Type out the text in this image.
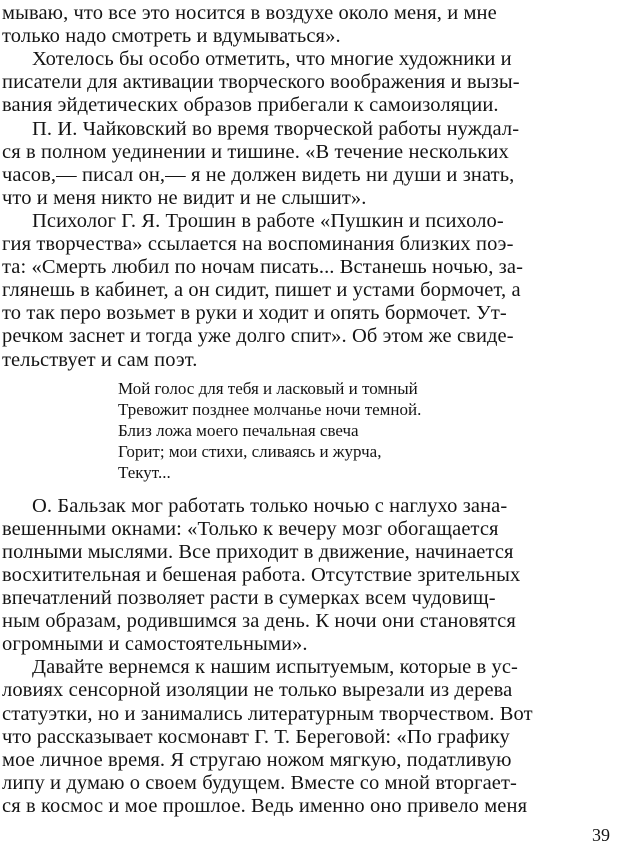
мываю, что все это носится в воздухе около меня, и мне
только надо смотреть и вдумываться».
Хотелось бы особо отметить, что многие художники и
писатели для активации творческого воображения и вызы-
вания эйдетических образов прибегали к самоизоляции.
П. И. Чайковский во время творческой работы нуждал-
ся в полном уединении и тишине. «В течение нескольких
часов,— писал он,— я не должен видеть ни души и знать,
что и меня никто не видит и не слышит».
Психолог Г. Я. Трошин в работе «Пушкин и психоло-
гия творчества» ссылается на воспоминания близких поэ-
та: «Смерть любил по ночам писать... Встанешь ночью, за-
глянешь в кабинет, а он сидит, пишет и устами бормочет, а
то так перо возьмет в руки и ходит и опять бормочет. Ут-
речком заснет и тогда уже долго спит». Об этом же свиде-
тельствует и сам поэт.
Мой голос для тебя и ласковый и томный
Тревожит позднее молчанье ночи темной.
Близ ложа моего печальная свеча
Горит; мои стихи, сливаясь и журча,
Текут...
О. Бальзак мог работать только ночью с наглухо зана-
вешенными окнами: «Только к вечеру мозг обогащается
полными мыслями. Все приходит в движение, начинается
восхитительная и бешеная работа. Отсутствие зрительных
впечатлений позволяет расти в сумерках всем чудовищ-
ным образам, родившимся за день. К ночи они становятся
огромными и самостоятельными».
Давайте вернемся к нашим испытуемым, которые в ус-
ловиях сенсорной изоляции не только вырезали из дерева
статуэтки, но и занимались литературным творчеством. Вот
что рассказывает космонавт Г. Т. Береговой: «По графику
мое личное время. Я стругаю ножом мягкую, податливую
липу и думаю о своем будущем. Вместе со мной вторгает-
ся в космос и мое прошлое. Ведь именно оно привело меня
39
